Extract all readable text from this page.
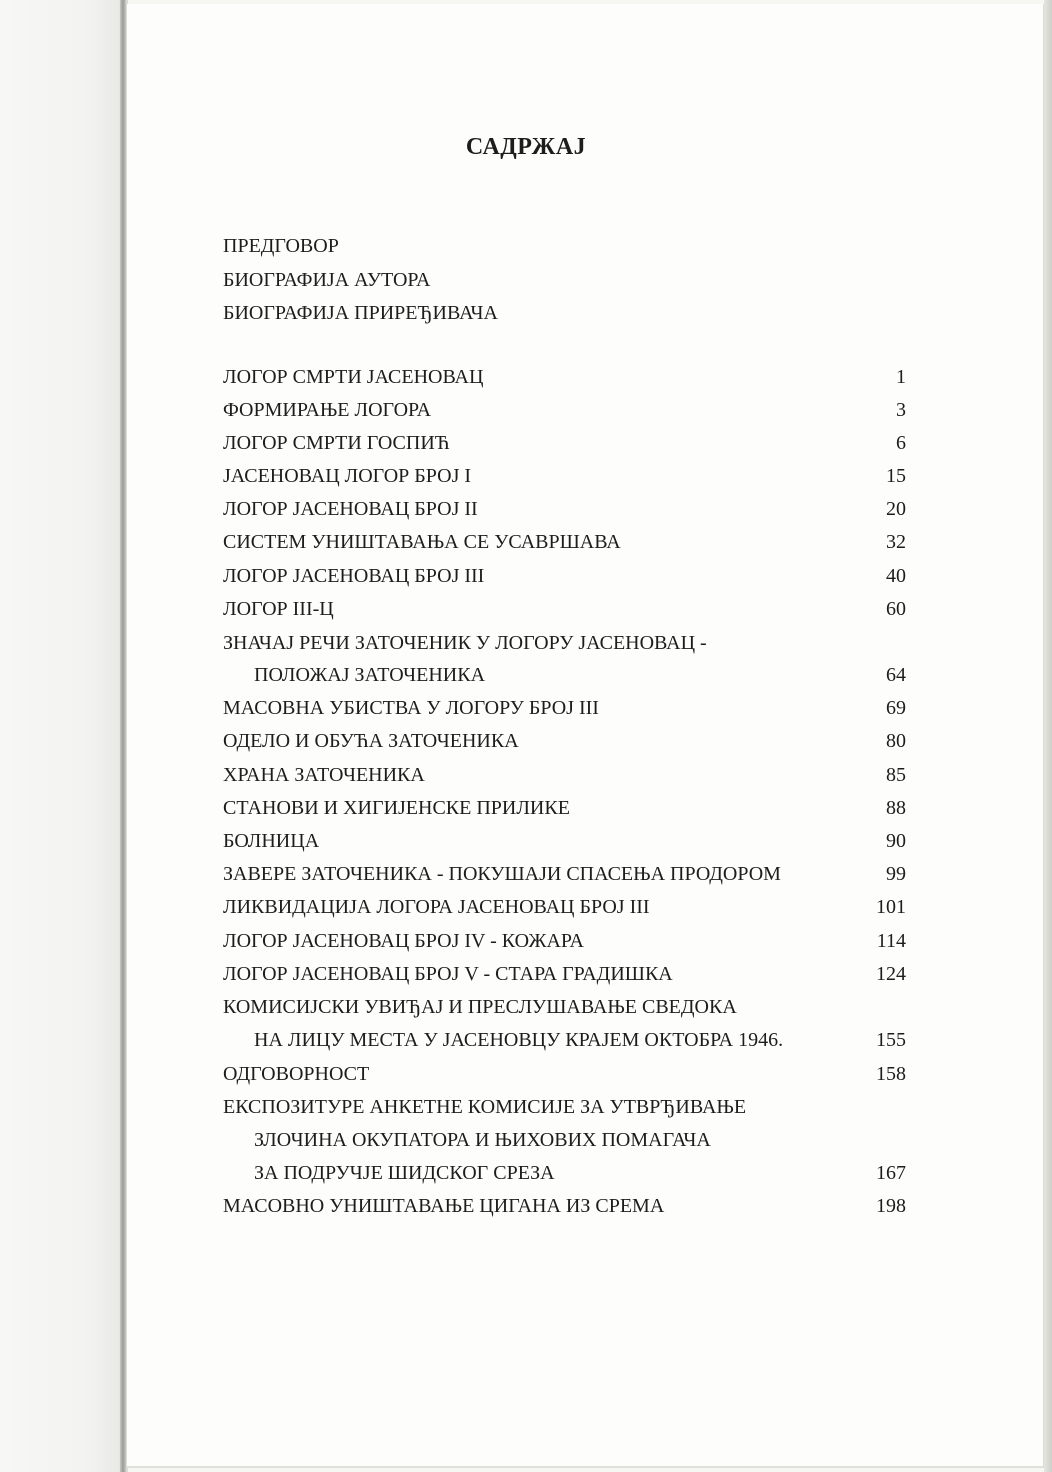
САДРЖАЈ
ПРЕДГОВОР
БИОГРАФИЈА АУТОРА
БИОГРАФИЈА ПРИРЕЂИВАЧА
ЛОГОР СМРТИ ЈАСЕНОВАЦ	1
ФОРМИРАЊЕ ЛОГОРА	3
ЛОГОР СМРТИ ГОСПИЋ	6
ЈАСЕНОВАЦ ЛОГОР БРОЈ I	15
ЛОГОР ЈАСЕНОВАЦ БРОЈ II	20
СИСТЕМ УНИШТАВАЊА СЕ УСАВРШАВА	32
ЛОГОР ЈАСЕНОВАЦ БРОЈ III	40
ЛОГОР III-Ц	60
ЗНАЧАЈ РЕЧИ ЗАТОЧЕНИК У ЛОГОРУ ЈАСЕНОВАЦ -
ПОЛОЖАЈ ЗАТОЧЕНИКА	64
МАСОВНА УБИСТВА У ЛОГОРУ БРОЈ III	69
ОДЕЛО И ОБУЋА ЗАТОЧЕНИКА	80
ХРАНА ЗАТОЧЕНИКА	85
СТАНОВИ И ХИГИЈЕНСКЕ ПРИЛИКЕ	88
БОЛНИЦА	90
ЗАВЕРЕ ЗАТОЧЕНИКА - ПОКУШАЈИ СПАСЕЊА ПРОДОРОМ	99
ЛИКВИДАЦИЈА ЛОГОРА ЈАСЕНОВАЦ БРОЈ III	101
ЛОГОР ЈАСЕНОВАЦ БРОЈ IV - КОЖАРА	114
ЛОГОР ЈАСЕНОВАЦ БРОЈ V - СТАРА ГРАДИШКА	124
КОМИСИЈСКИ УВИЂАЈ И ПРЕСЛУШАВАЊЕ СВЕДОКА
НА ЛИЦУ МЕСТА У ЈАСЕНОВЦУ КРАЈЕМ ОКТОБРА 1946.	155
ОДГОВОРНОСТ	158
ЕКСПОЗИТУРЕ АНКЕТНЕ КОМИСИЈЕ ЗА УТВРЂИВАЊЕ
ЗЛОЧИНА ОКУПАТОРА И ЊИХОВИХ ПОМАГАЧА
ЗА ПОДРУЧЈЕ ШИДСКОГ СРЕЗА	167
МАСОВНО УНИШТАВАЊЕ ЦИГАНА ИЗ СРЕМА	198
